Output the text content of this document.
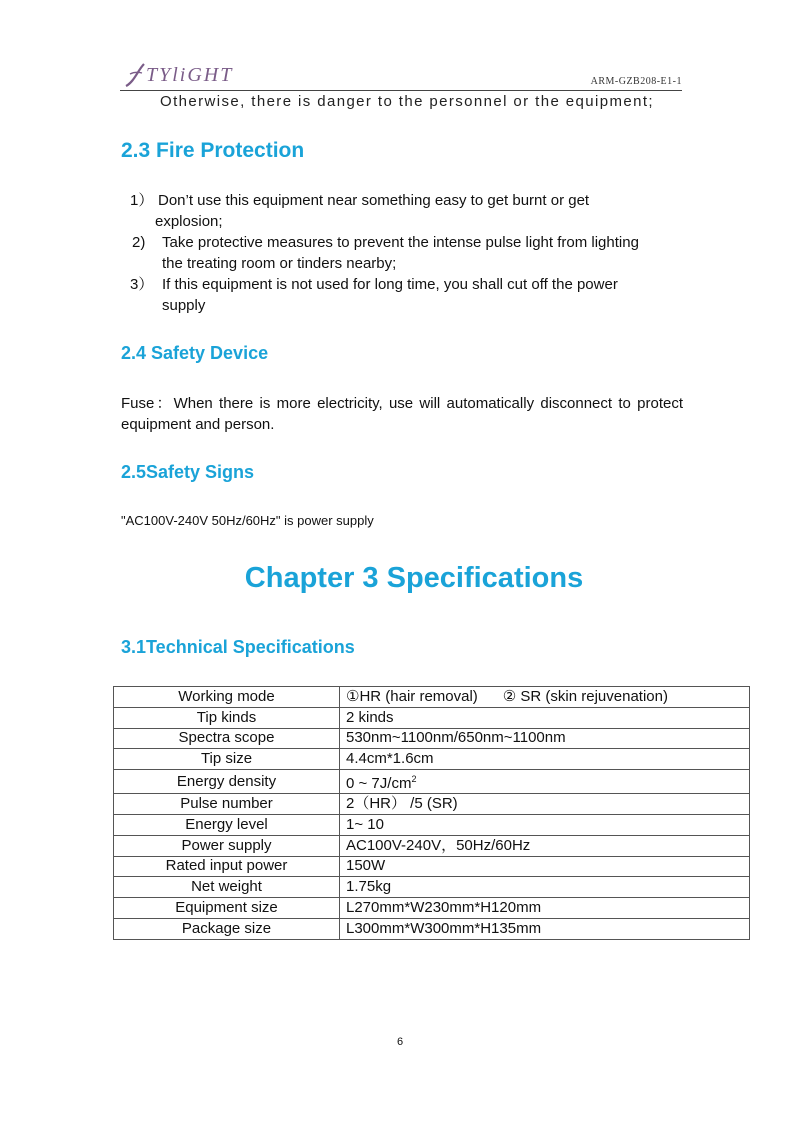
TYliGHT	ARM-GZB208-E1-1
Otherwise, there is danger to the personnel or the equipment;
2.3 Fire Protection
1） Don’t use this equipment near something easy to get burnt or get
explosion;
2) Take protective measures to prevent the intense pulse light from lighting
the treating room or tinders nearby;
3） If this equipment is not used for long time, you shall cut off the power
supply
2.4 Safety Device
Fuse：When there is more electricity, use will automatically disconnect to protect equipment and person.
2.5Safety Signs
"AC100V-240V 50Hz/60Hz" is power supply
Chapter 3 Specifications
3.1Technical Specifications
Working mode	①HR (hair removal)      ② SR (skin rejuvenation)
Tip kinds	2 kinds
Spectra scope	530nm~1100nm/650nm~1100nm
Tip size	4.4cm*1.6cm
Energy density	0 ~ $7J/cm^2$
Pulse number	2（HR） /5 (SR)
Energy level	1~ 10
Power supply	AC100V-240V，50Hz/60Hz
Rated input power	150W
Net weight	1.75kg
Equipment size	L270mm*W230mm*H120mm
Package size	L300mm*W300mm*H135mm
6
